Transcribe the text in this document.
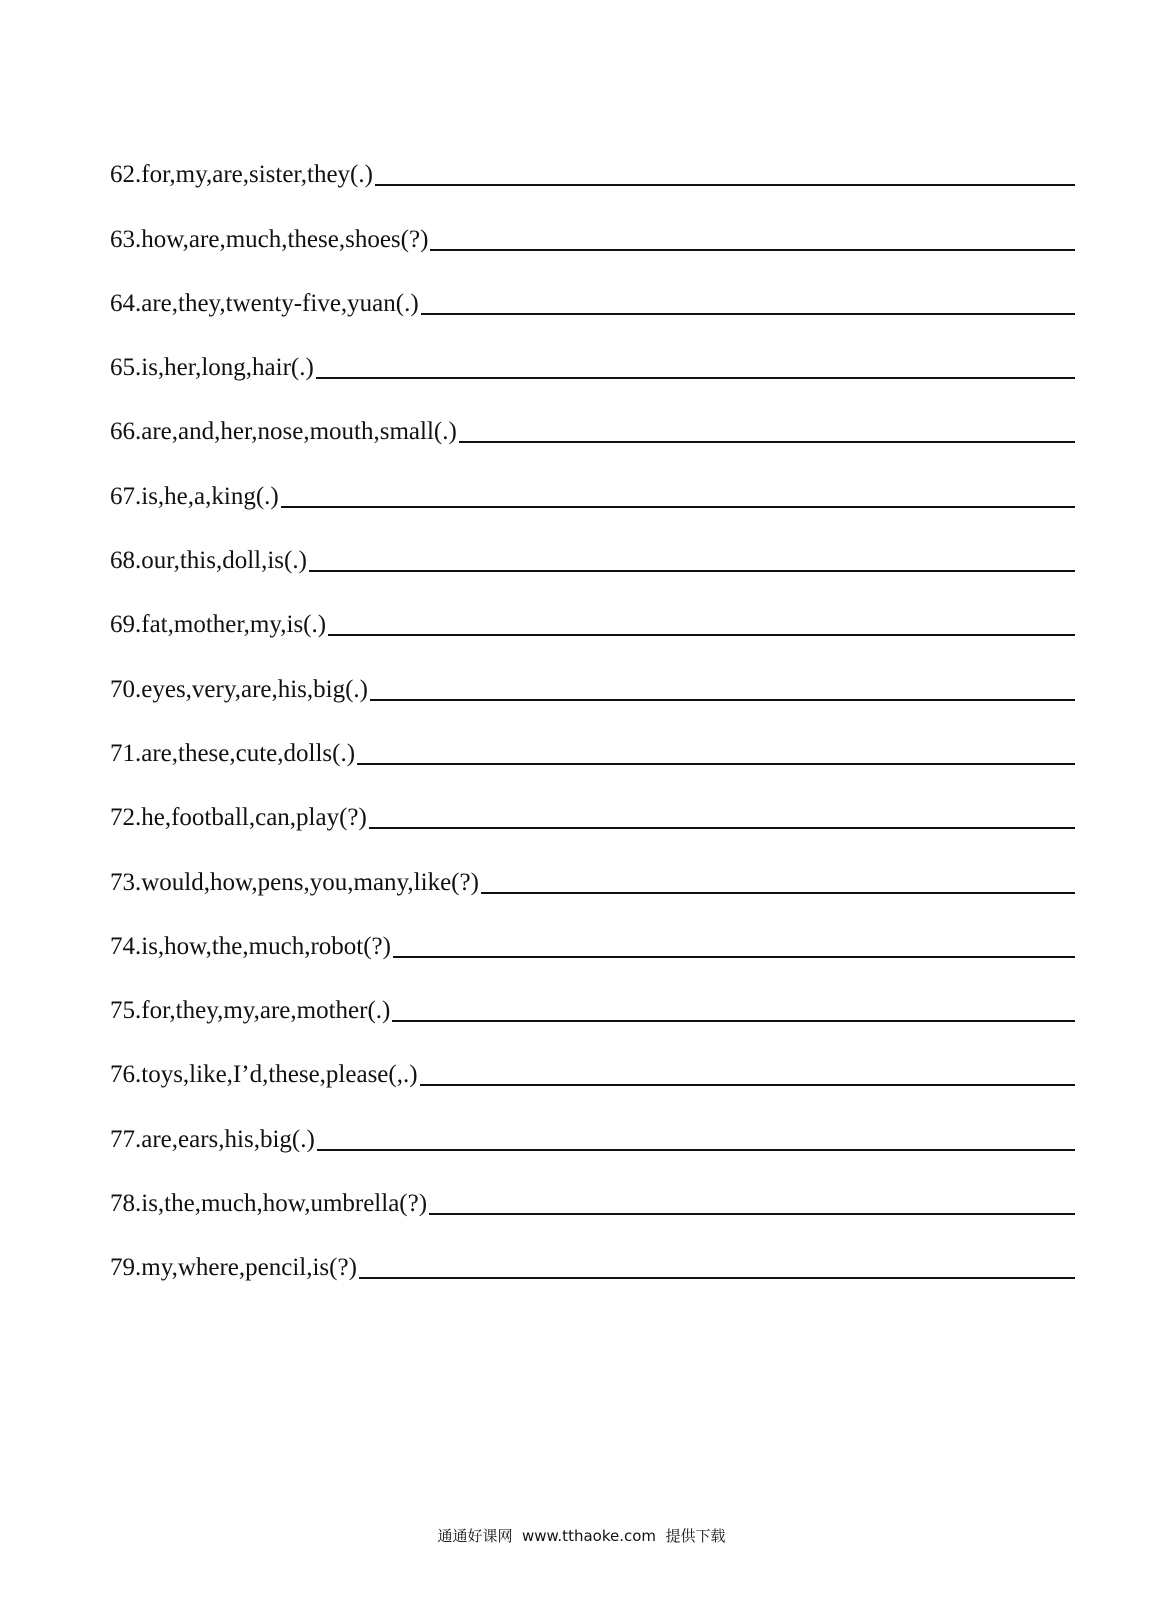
62.for,my,are,sister,they(.)
63.how,are,much,these,shoes(?)
64.are,they,twenty-five,yuan(.)
65.is,her,long,hair(.)
66.are,and,her,nose,mouth,small(.)
67.is,he,a,king(.)
68.our,this,doll,is(.)
69.fat,mother,my,is(.)
70.eyes,very,are,his,big(.)
71.are,these,cute,dolls(.)
72.he,football,can,play(?)
73.would,how,pens,you,many,like(?)
74.is,how,the,much,robot(?)
75.for,they,my,are,mother(.)
76.toys,like,I’d,these,please(,.)
77.are,ears,his,big(.)
78.is,the,much,how,umbrella(?)
79.my,where,pencil,is(?)
通通好课网  www.tthaoke.com  提供下载
